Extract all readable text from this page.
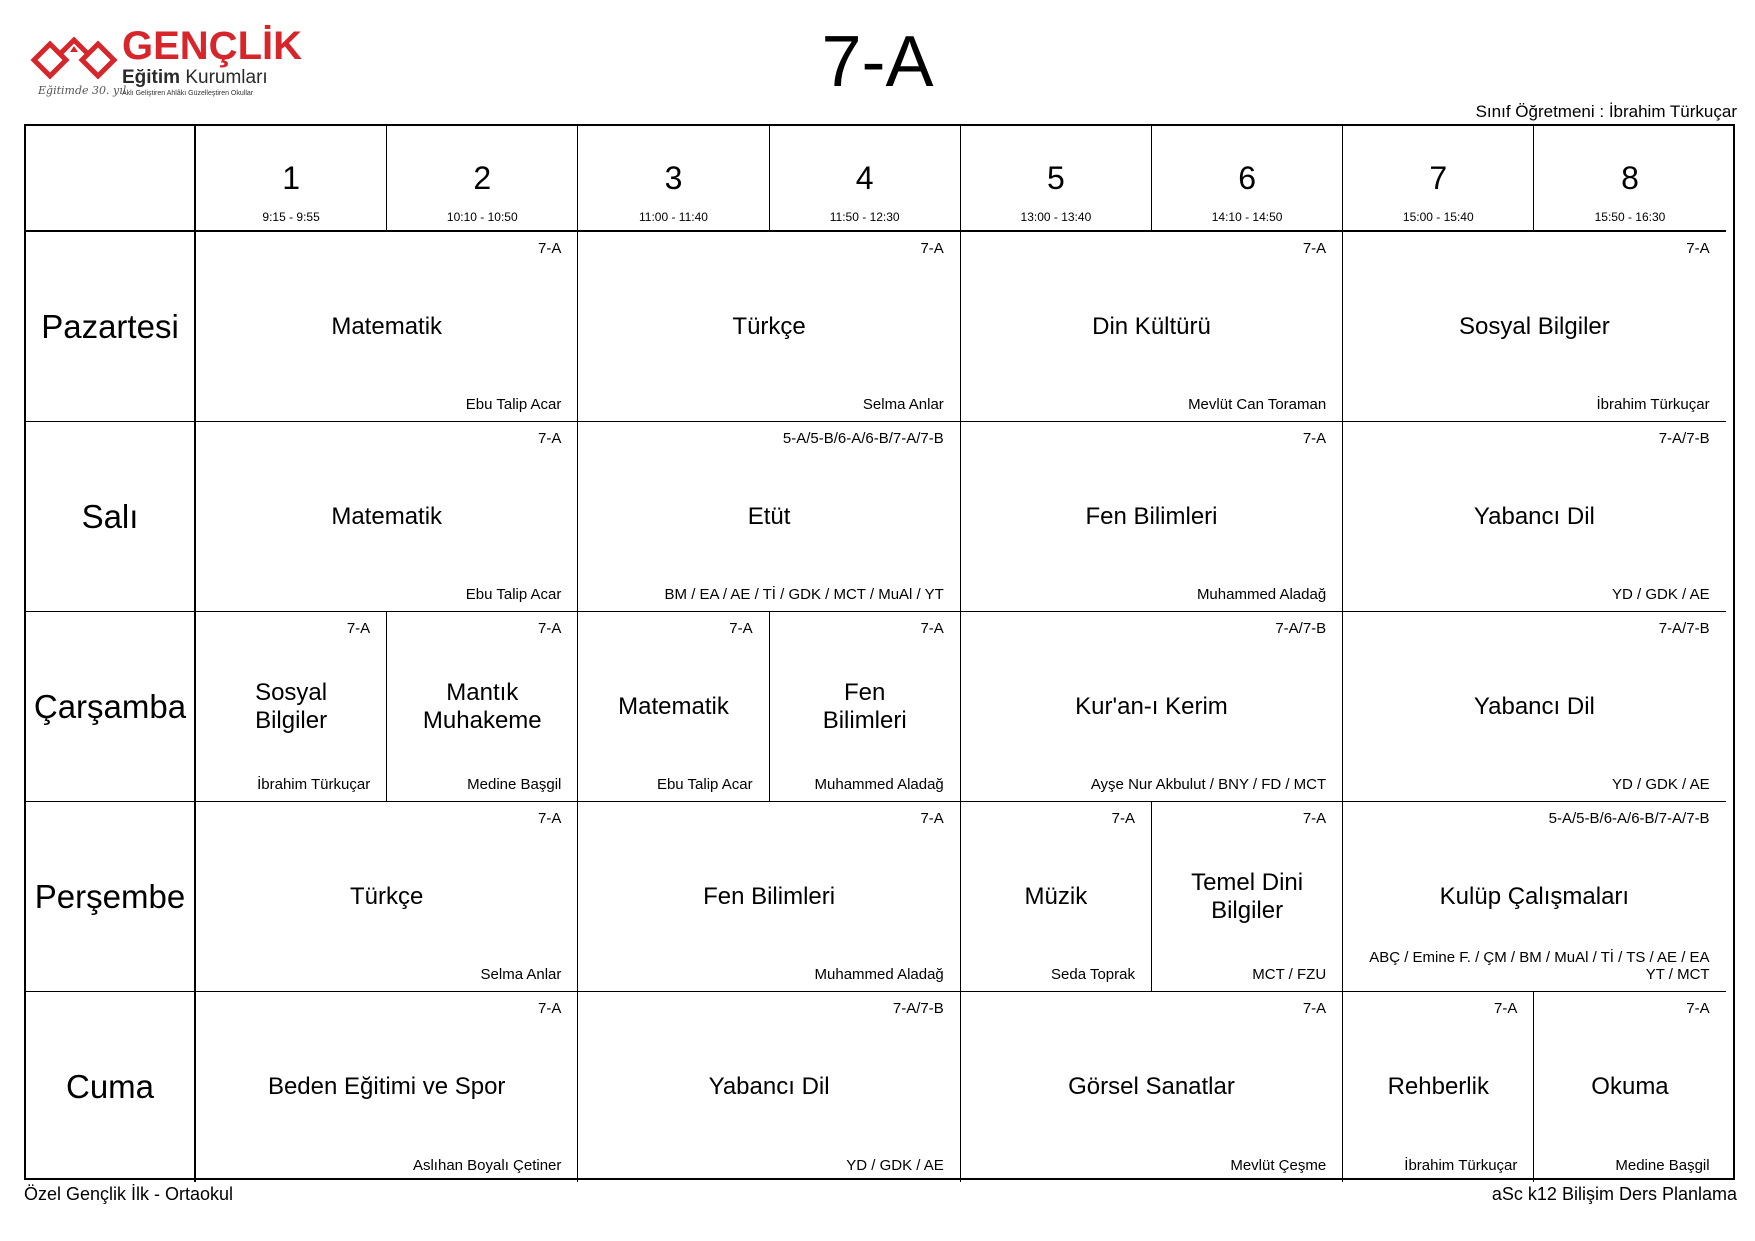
GENÇLİK
Eğitim Kurumları
Aklı Geliştiren Ahlâkı Güzelleştiren Okullar
Eğitimde 30. yıl	7-A
Sınıf Öğretmeni : İbrahim Türkuçar
1
9:15 - 9:55
2
10:10 - 10:50
3
11:00 - 11:40
4
11:50 - 12:30
5
13:00 - 13:40
6
14:10 - 14:50
7
15:00 - 15:40
8
15:50 - 16:30
Pazartesi
7-A
Matematik
Ebu Talip Acar
7-A
Türkçe
Selma Anlar
7-A
Din Kültürü
Mevlüt Can Toraman
7-A
Sosyal Bilgiler
İbrahim Türkuçar
Salı
7-A
Matematik
Ebu Talip Acar
5-A/5-B/6-A/6-B/7-A/7-B
Etüt
BM / EA / AE / Tİ / GDK / MCT / MuAl / YT
7-A
Fen Bilimleri
Muhammed Aladağ
7-A/7-B
Yabancı Dil
YD / GDK / AE
Çarşamba
7-A
Sosyal Bilgiler
İbrahim Türkuçar
7-A
Mantık Muhakeme
Medine Başgil
7-A
Matematik
Ebu Talip Acar
7-A
Fen Bilimleri
Muhammed Aladağ
7-A/7-B
Kur'an-ı Kerim
Ayşe Nur Akbulut / BNY / FD / MCT
7-A/7-B
Yabancı Dil
YD / GDK / AE
Perşembe
7-A
Türkçe
Selma Anlar
7-A
Fen Bilimleri
Muhammed Aladağ
7-A
Müzik
Seda Toprak
7-A
Temel Dini Bilgiler
MCT / FZU
5-A/5-B/6-A/6-B/7-A/7-B
Kulüp Çalışmaları
ABÇ / Emine F. / ÇM / BM / MuAl / Tİ / TS / AE / EA YT / MCT
Cuma
7-A
Beden Eğitimi ve Spor
Aslıhan Boyalı Çetiner
7-A/7-B
Yabancı Dil
YD / GDK / AE
7-A
Görsel Sanatlar
Mevlüt Çeşme
7-A
Rehberlik
İbrahim Türkuçar
7-A
Okuma
Medine Başgil
Özel Gençlik İlk - Ortaokul	aSc k12 Bilişim Ders Planlama
